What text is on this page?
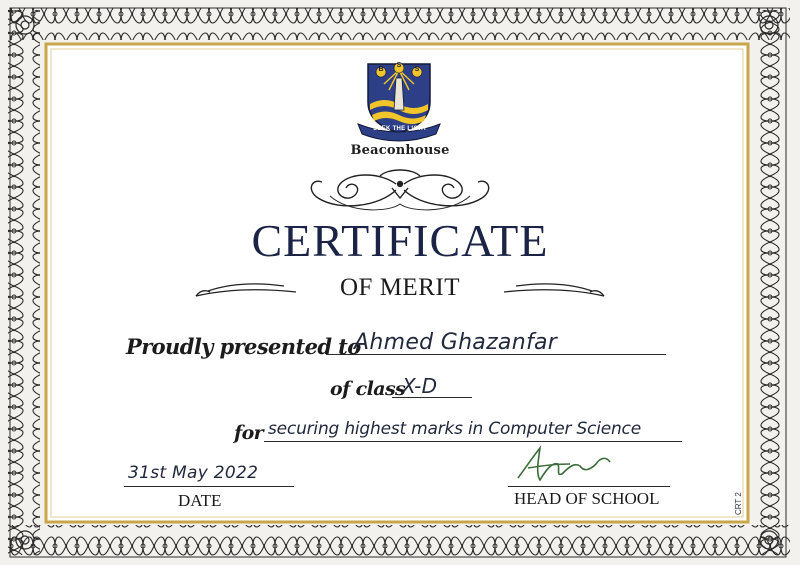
B
S
S
SEEK THE LIGHT
Beaconhouse
CERTIFICATE
OF MERIT
Proudly presented to
Ahmed Ghazanfar
of class
X-D
for securing highest marks in Computer Science
31st May 2022
DATE	HEAD OF SCHOOL	CRT 2
